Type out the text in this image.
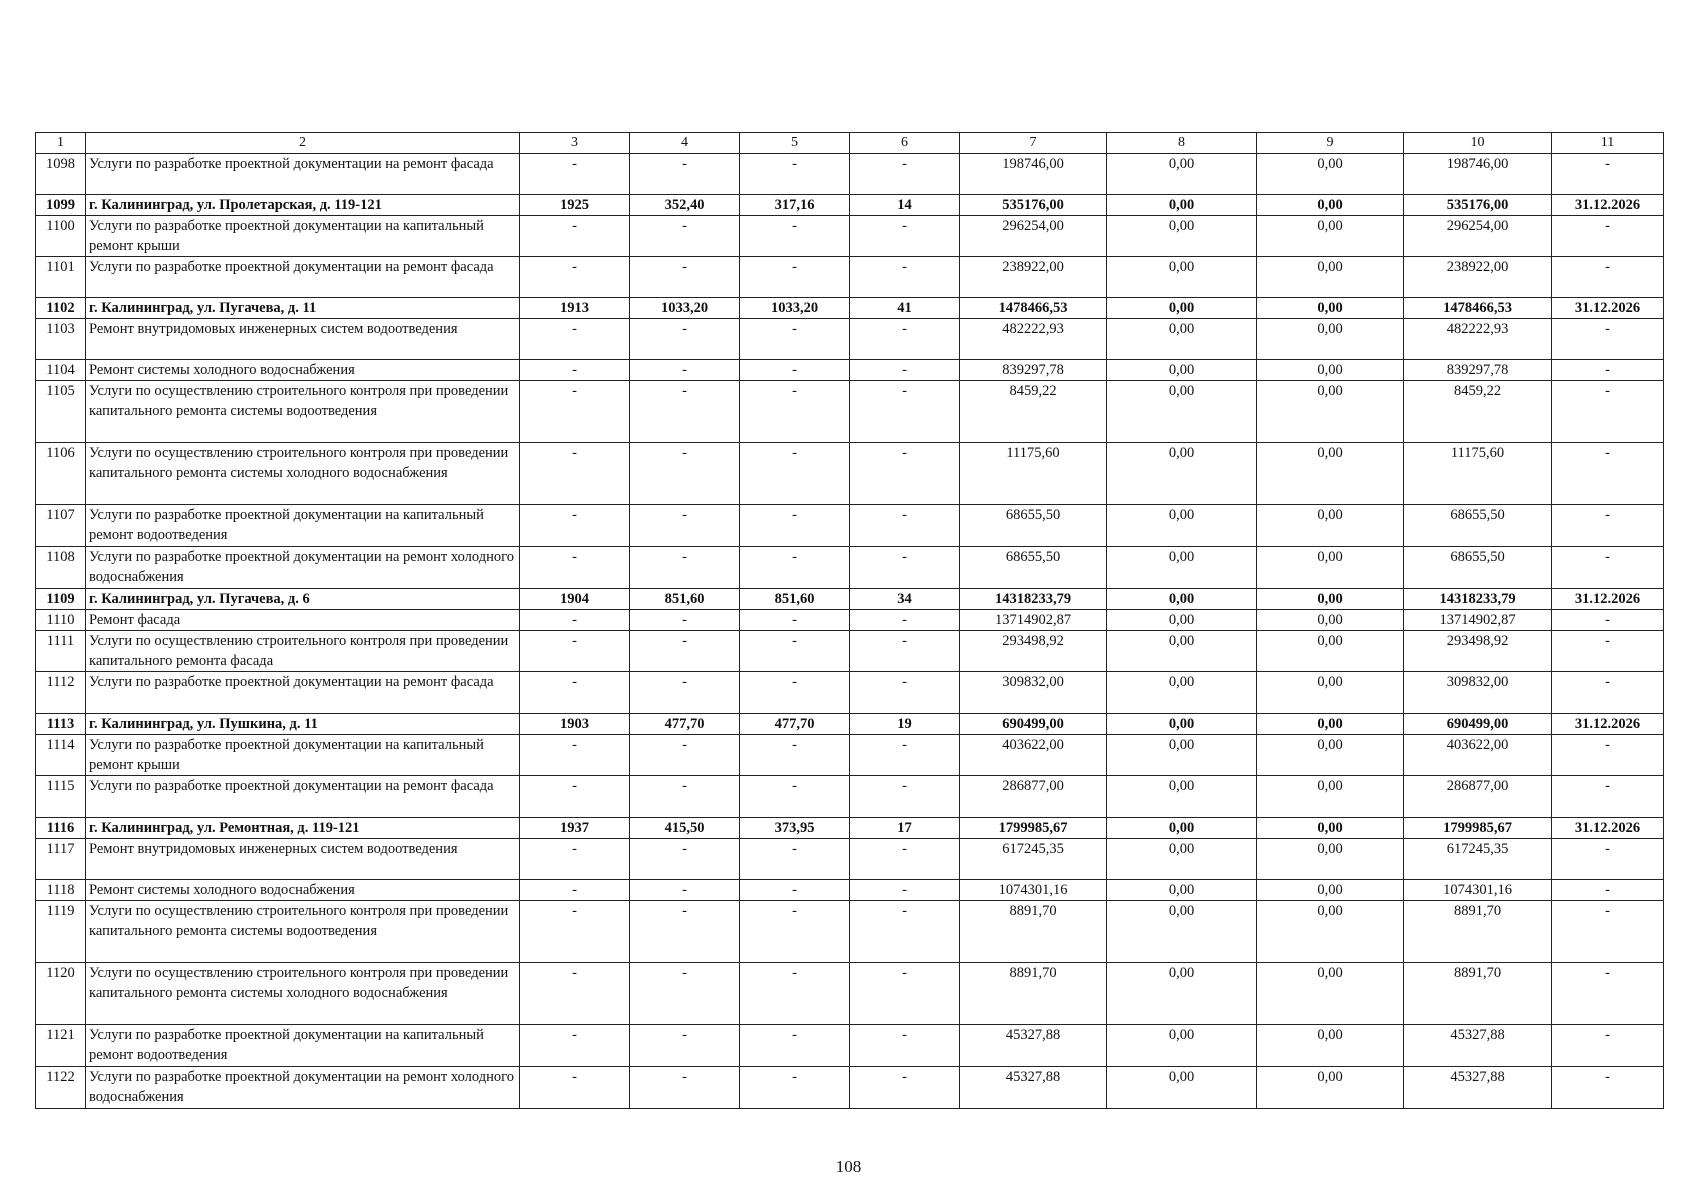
1	2	3	4	5	6	7	8	9	10	11
1098	Услуги по разработке проектной документации на ремонт фасада	-	-	-	-	198746,00	0,00	0,00	198746,00	-
1099	г. Калининград, ул. Пролетарская, д. 119-121	1925	352,40	317,16	14	535176,00	0,00	0,00	535176,00	31.12.2026
1100	Услуги по разработке проектной документации на капитальный ремонт крыши	-	-	-	-	296254,00	0,00	0,00	296254,00	-
1101	Услуги по разработке проектной документации на ремонт фасада	-	-	-	-	238922,00	0,00	0,00	238922,00	-
1102	г. Калининград, ул. Пугачева, д. 11	1913	1033,20	1033,20	41	1478466,53	0,00	0,00	1478466,53	31.12.2026
1103	Ремонт внутридомовых инженерных систем водоотведения	-	-	-	-	482222,93	0,00	0,00	482222,93	-
1104	Ремонт системы холодного водоснабжения	-	-	-	-	839297,78	0,00	0,00	839297,78	-
1105	Услуги по осуществлению строительного контроля при проведении капитального ремонта системы водоотведения	-	-	-	-	8459,22	0,00	0,00	8459,22	-
1106	Услуги по осуществлению строительного контроля при проведении капитального ремонта системы холодного водоснабжения	-	-	-	-	11175,60	0,00	0,00	11175,60	-
1107	Услуги по разработке проектной документации на капитальный ремонт водоотведения	-	-	-	-	68655,50	0,00	0,00	68655,50	-
1108	Услуги по разработке проектной документации на ремонт холодного водоснабжения	-	-	-	-	68655,50	0,00	0,00	68655,50	-
1109	г. Калининград, ул. Пугачева, д. 6	1904	851,60	851,60	34	14318233,79	0,00	0,00	14318233,79	31.12.2026
1110	Ремонт фасада	-	-	-	-	13714902,87	0,00	0,00	13714902,87	-
1111	Услуги по осуществлению строительного контроля при проведении капитального ремонта фасада	-	-	-	-	293498,92	0,00	0,00	293498,92	-
1112	Услуги по разработке проектной документации на ремонт фасада	-	-	-	-	309832,00	0,00	0,00	309832,00	-
1113	г. Калининград, ул. Пушкина, д. 11	1903	477,70	477,70	19	690499,00	0,00	0,00	690499,00	31.12.2026
1114	Услуги по разработке проектной документации на капитальный ремонт крыши	-	-	-	-	403622,00	0,00	0,00	403622,00	-
1115	Услуги по разработке проектной документации на ремонт фасада	-	-	-	-	286877,00	0,00	0,00	286877,00	-
1116	г. Калининград, ул. Ремонтная, д. 119-121	1937	415,50	373,95	17	1799985,67	0,00	0,00	1799985,67	31.12.2026
1117	Ремонт внутридомовых инженерных систем водоотведения	-	-	-	-	617245,35	0,00	0,00	617245,35	-
1118	Ремонт системы холодного водоснабжения	-	-	-	-	1074301,16	0,00	0,00	1074301,16	-
1119	Услуги по осуществлению строительного контроля при проведении капитального ремонта системы водоотведения	-	-	-	-	8891,70	0,00	0,00	8891,70	-
1120	Услуги по осуществлению строительного контроля при проведении капитального ремонта системы холодного водоснабжения	-	-	-	-	8891,70	0,00	0,00	8891,70	-
1121	Услуги по разработке проектной документации на капитальный ремонт водоотведения	-	-	-	-	45327,88	0,00	0,00	45327,88	-
1122	Услуги по разработке проектной документации на ремонт холодного водоснабжения	-	-	-	-	45327,88	0,00	0,00	45327,88	-
108
